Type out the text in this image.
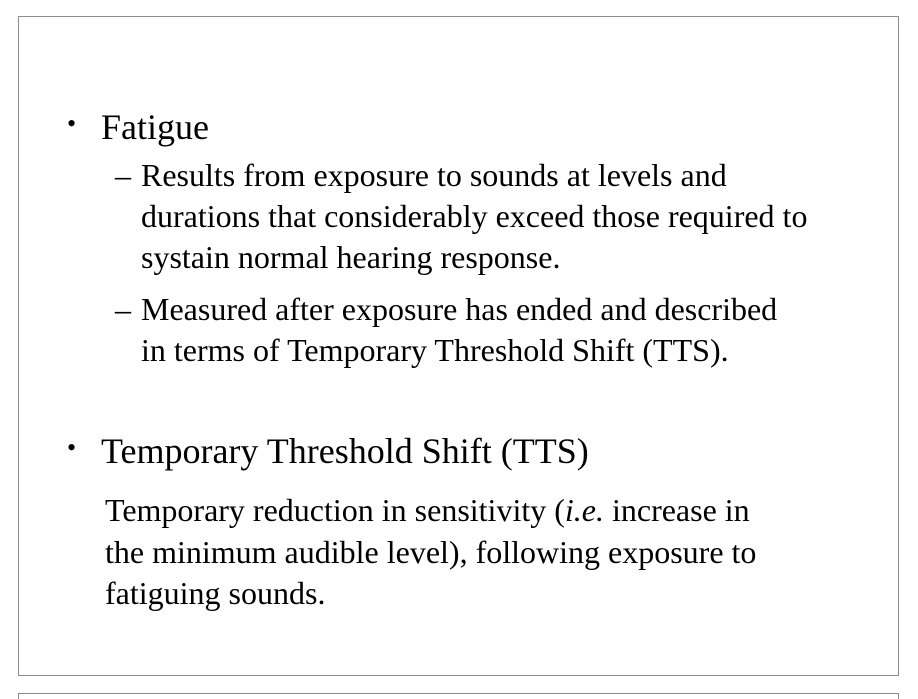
• Fatigue
– Results from exposure to sounds at levels and
durations that considerably exceed those required to
systain normal hearing response.
– Measured after exposure has ended and described
in terms of Temporary Threshold Shift (TTS).
• Temporary Threshold Shift (TTS)
Temporary reduction in sensitivity (i.e. increase in
the minimum audible level), following exposure to
fatiguing sounds.
